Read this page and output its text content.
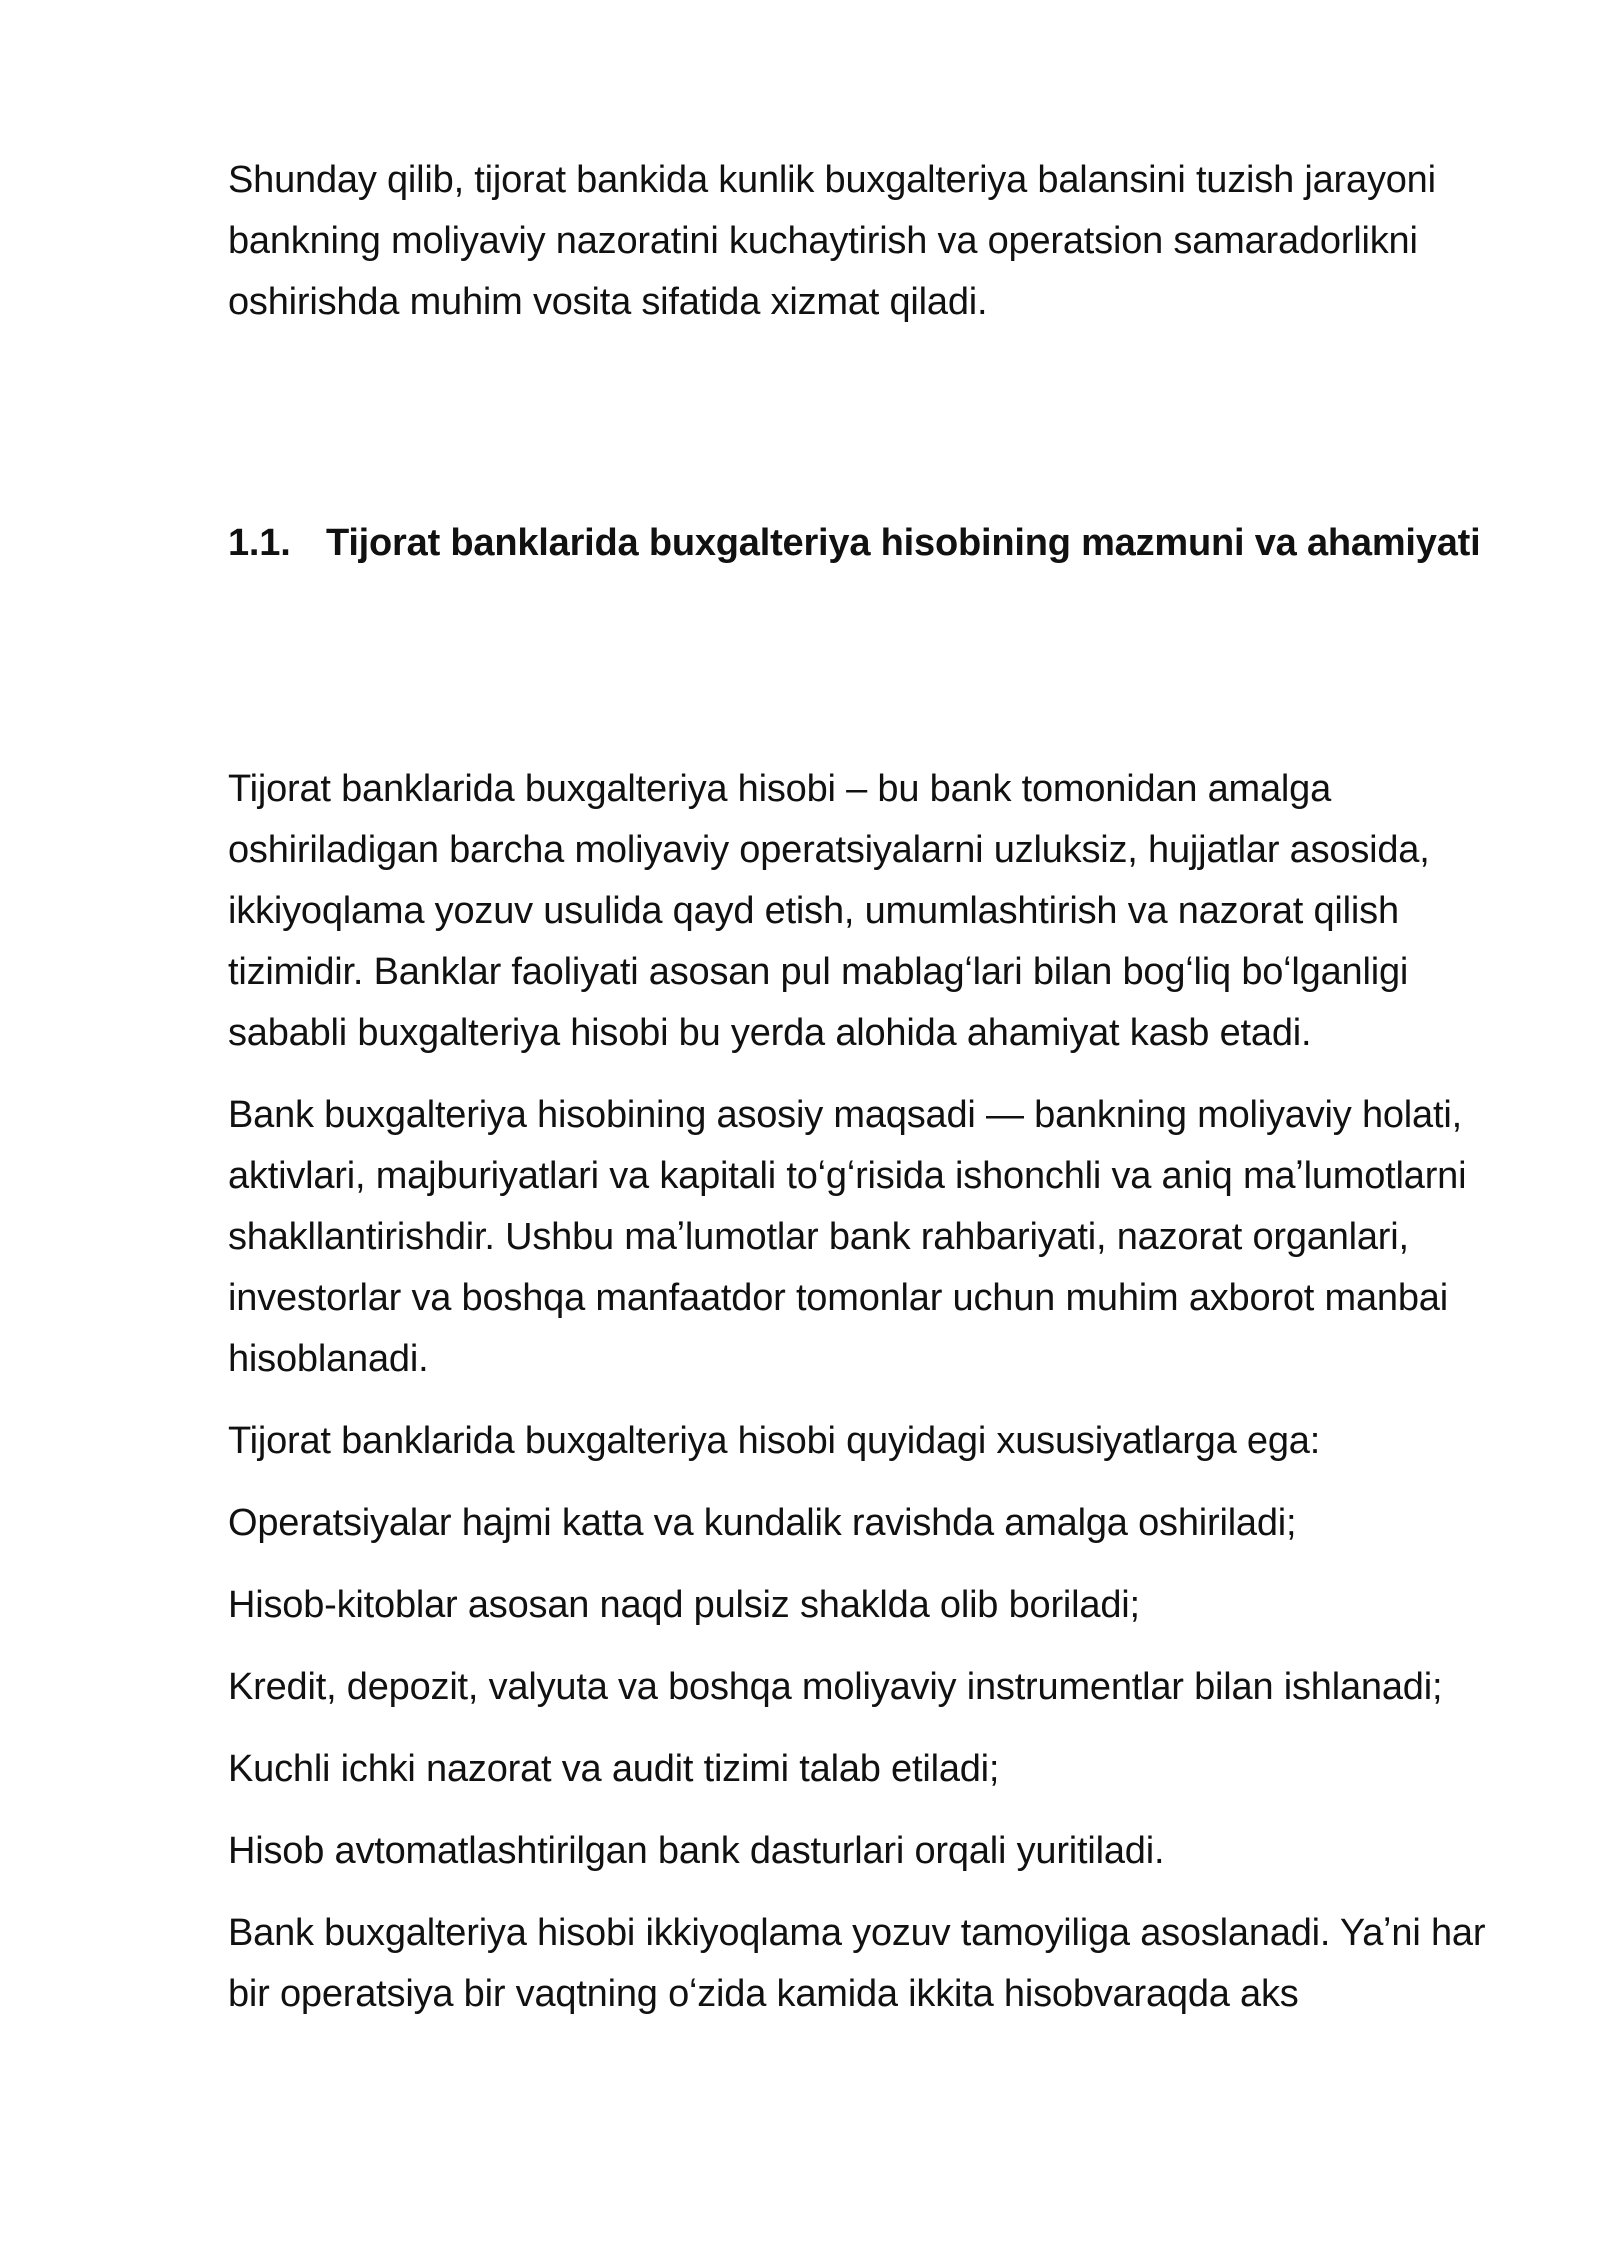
Shunday qilib, tijorat bankida kunlik buxgalteriya balansini tuzish jarayoni bankning moliyaviy nazoratini kuchaytirish va operatsion samaradorlikni oshirishda muhim vosita sifatida xizmat qiladi.

1.1. Tijorat banklarida buxgalteriya hisobining mazmuni va ahamiyati

Tijorat banklarida buxgalteriya hisobi – bu bank tomonidan amalga oshiriladigan barcha moliyaviy operatsiyalarni uzluksiz, hujjatlar asosida, ikkiyoqlama yozuv usulida qayd etish, umumlashtirish va nazorat qilish tizimidir. Banklar faoliyati asosan pul mablagʻlari bilan bogʻliq boʻlganligi sababli buxgalteriya hisobi bu yerda alohida ahamiyat kasb etadi.

Bank buxgalteriya hisobining asosiy maqsadi — bankning moliyaviy holati, aktivlari, majburiyatlari va kapitali toʻgʻrisida ishonchli va aniq maʼlumotlarni shakllantirishdir. Ushbu maʼlumotlar bank rahbariyati, nazorat organlari, investorlar va boshqa manfaatdor tomonlar uchun muhim axborot manbai hisoblanadi.

Tijorat banklarida buxgalteriya hisobi quyidagi xususiyatlarga ega:

Operatsiyalar hajmi katta va kundalik ravishda amalga oshiriladi;

Hisob-kitoblar asosan naqd pulsiz shaklda olib boriladi;

Kredit, depozit, valyuta va boshqa moliyaviy instrumentlar bilan ishlanadi;

Kuchli ichki nazorat va audit tizimi talab etiladi;

Hisob avtomatlashtirilgan bank dasturlari orqali yuritiladi.

Bank buxgalteriya hisobi ikkiyoqlama yozuv tamoyiliga asoslanadi. Yaʼni har bir operatsiya bir vaqtning oʻzida kamida ikkita hisobvaraqda aks
